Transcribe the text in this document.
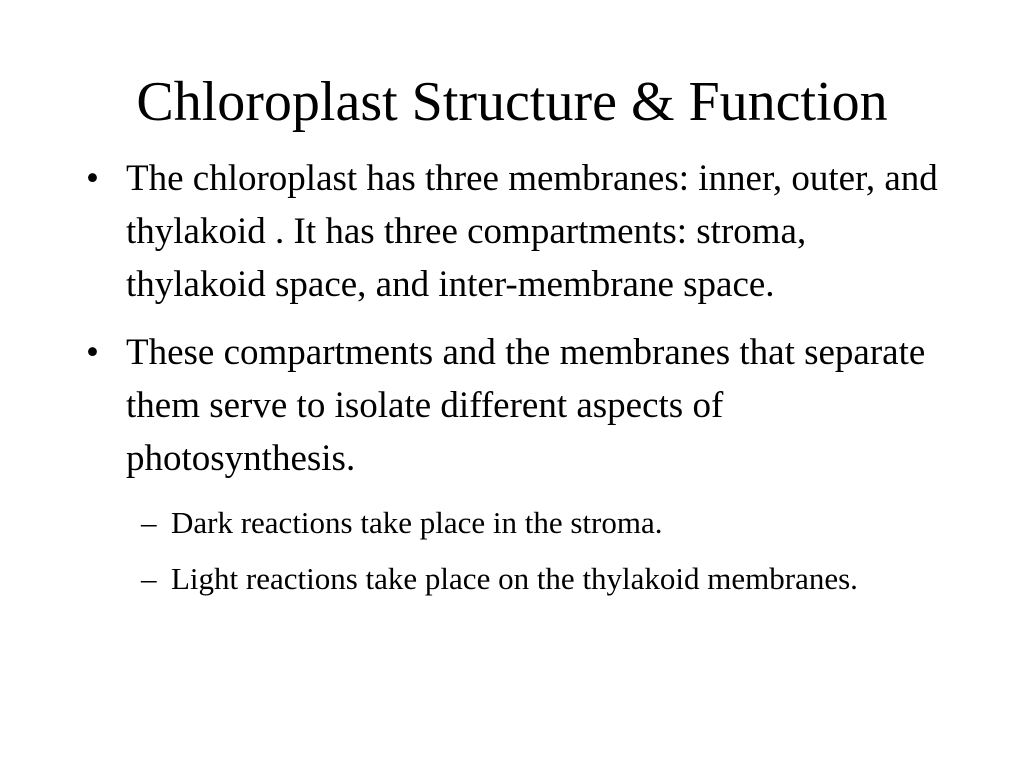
Chloroplast Structure & Function
• The chloroplast has three membranes: inner, outer, and thylakoid . It has three compartments: stroma, thylakoid space, and inter-membrane space.
• These compartments and the membranes that separate them serve to isolate different aspects of photosynthesis.
– Dark reactions take place in the stroma.
– Light reactions take place on the thylakoid membranes.
